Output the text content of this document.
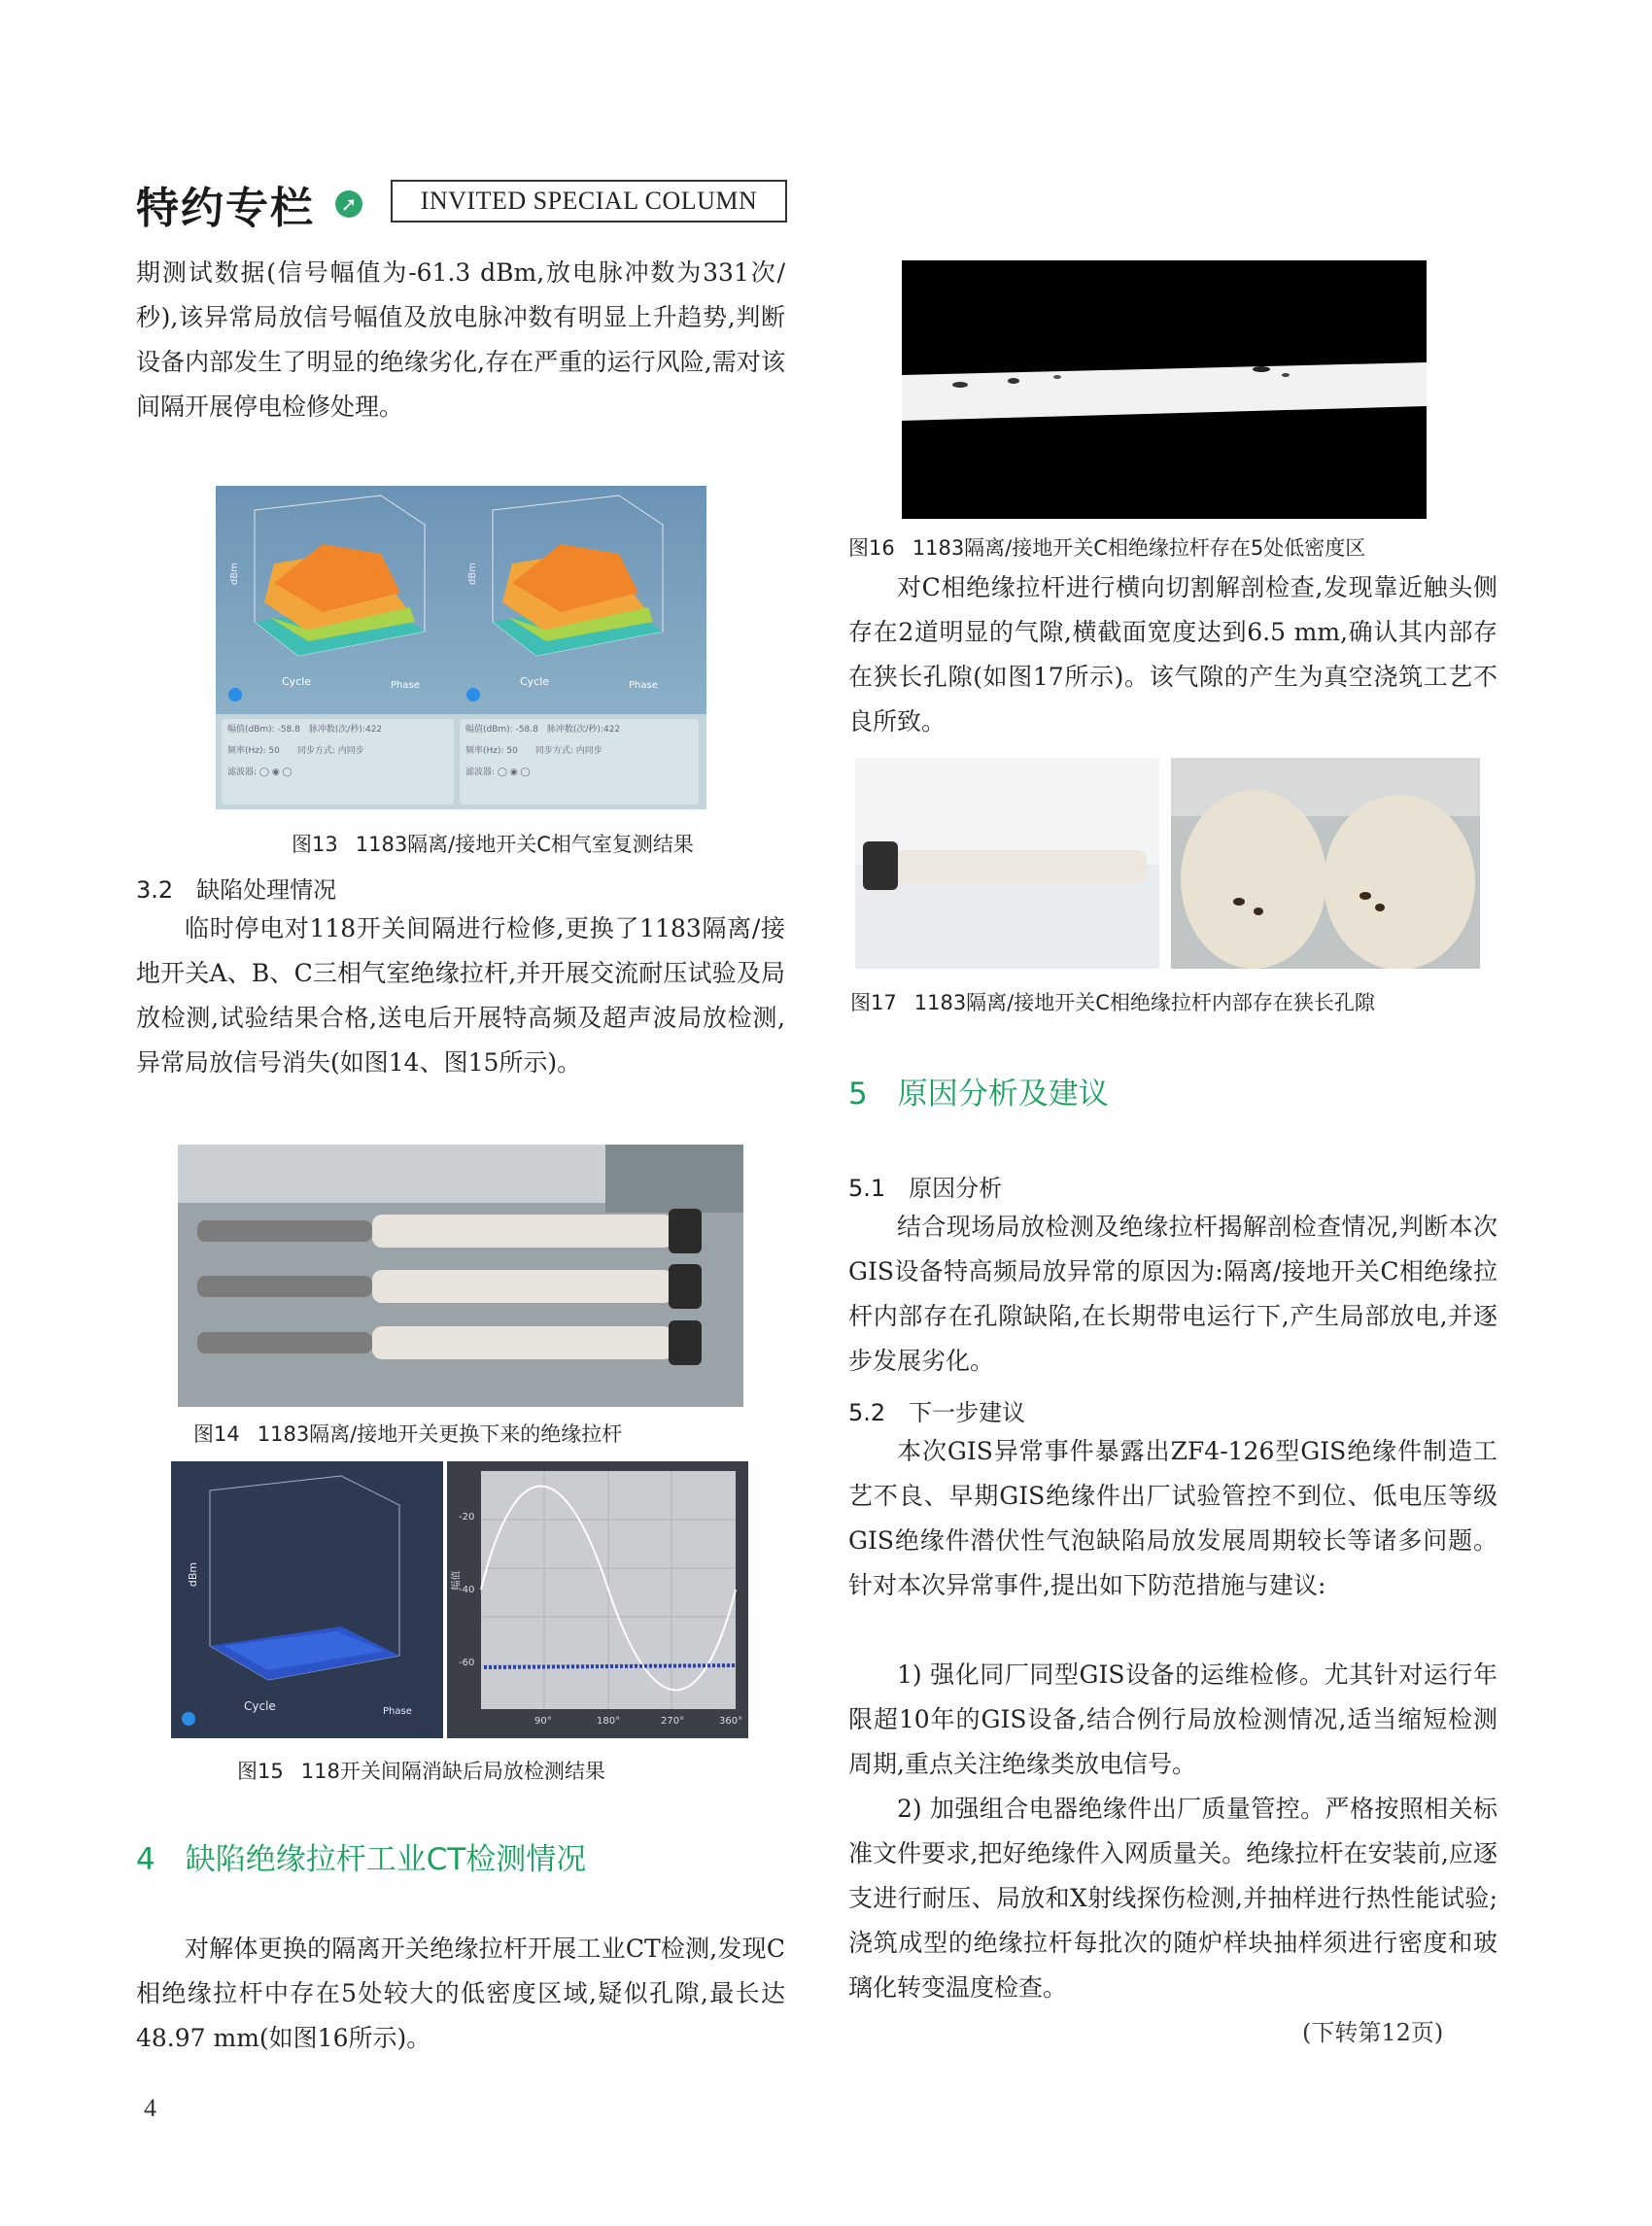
特约专栏 ➚	INVITED SPECIAL COLUMN
期测试数据(信号幅值为-61.3 dBm,放电脉冲数为331次/秒),该异常局放信号幅值及放电脉冲数有明显上升趋势,判断设备内部发生了明显的绝缘劣化,存在严重的运行风险,需对该间隔开展停电检修处理。
dBm
Cycle	Phase
幅值(dBm): -58.8　 脉冲数(次/秒):422
频率(Hz): 50　　 同步方式: 内同步
滤波器: ◯ ◉ ◯
dBm
Cycle	Phase
幅值(dBm): -58.8　 脉冲数(次/秒):422
频率(Hz): 50　　 同步方式: 内同步
滤波器: ◯ ◉ ◯
图13 1183隔离/接地开关C相气室复测结果
3.2　缺陷处理情况
临时停电对118开关间隔进行检修,更换了1183隔离/接地开关A、B、C三相气室绝缘拉杆,并开展交流耐压试验及局放检测,试验结果合格,送电后开展特高频及超声波局放检测,异常局放信号消失(如图14、图15所示)。
图14 1183隔离/接地开关更换下来的绝缘拉杆
dBm
Cycle	Phase
-20
-40
-60
90°	180°	270°	360°
幅值
图15 118开关间隔消缺后局放检测结果
4　缺陷绝缘拉杆工业CT检测情况
对解体更换的隔离开关绝缘拉杆开展工业CT检测,发现C相绝缘拉杆中存在5处较大的低密度区域,疑似孔隙,最长达48.97 mm(如图16所示)。
4
图16 1183隔离/接地开关C相绝缘拉杆存在5处低密度区
对C相绝缘拉杆进行横向切割解剖检查,发现靠近触头侧存在2道明显的气隙,横截面宽度达到6.5 mm,确认其内部存在狭长孔隙(如图17所示)。该气隙的产生为真空浇筑工艺不良所致。
图17 1183隔离/接地开关C相绝缘拉杆内部存在狭长孔隙
5　原因分析及建议
5.1　原因分析
结合现场局放检测及绝缘拉杆揭解剖检查情况,判断本次GIS设备特高频局放异常的原因为:隔离/接地开关C相绝缘拉杆内部存在孔隙缺陷,在长期带电运行下,产生局部放电,并逐步发展劣化。
5.2　下一步建议
本次GIS异常事件暴露出ZF4-126型GIS绝缘件制造工艺不良、早期GIS绝缘件出厂试验管控不到位、低电压等级GIS绝缘件潜伏性气泡缺陷局放发展周期较长等诸多问题。针对本次异常事件,提出如下防范措施与建议:
1) 强化同厂同型GIS设备的运维检修。尤其针对运行年限超10年的GIS设备,结合例行局放检测情况,适当缩短检测周期,重点关注绝缘类放电信号。
2) 加强组合电器绝缘件出厂质量管控。严格按照相关标准文件要求,把好绝缘件入网质量关。绝缘拉杆在安装前,应逐支进行耐压、局放和X射线探伤检测,并抽样进行热性能试验;浇筑成型的绝缘拉杆每批次的随炉样块抽样须进行密度和玻璃化转变温度检查。
(下转第12页)
